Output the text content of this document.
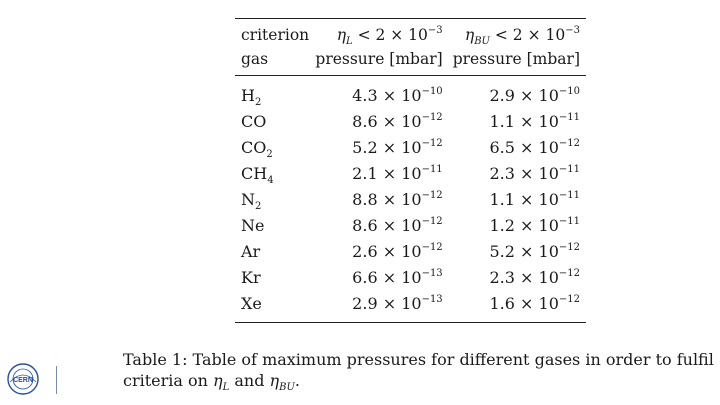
criterion	$\eta_L < 2 \times 10^{-3}$	$\eta_{BU} < 2 \times 10^{-3}$
gas	pressure [mbar]	pressure [mbar]
$H_2$	$4.3 \times 10^{-10}$	$2.9 \times 10^{-10}$
CO	$8.6 \times 10^{-12}$	$1.1 \times 10^{-11}$
$CO_2$	$5.2 \times 10^{-12}$	$6.5 \times 10^{-12}$
$CH_4$	$2.1 \times 10^{-11}$	$2.3 \times 10^{-11}$
$N_2$	$8.8 \times 10^{-12}$	$1.1 \times 10^{-11}$
Ne	$8.6 \times 10^{-12}$	$1.2 \times 10^{-11}$
Ar	$2.6 \times 10^{-12}$	$5.2 \times 10^{-12}$
Kr	$6.6 \times 10^{-13}$	$2.3 \times 10^{-12}$
Xe	$2.9 \times 10^{-13}$	$1.6 \times 10^{-12}$
Table 1: Table of maximum pressures for different gases in order to fulfil
criteria on $\eta_L$ and $\eta_{BU}$.
CERN
